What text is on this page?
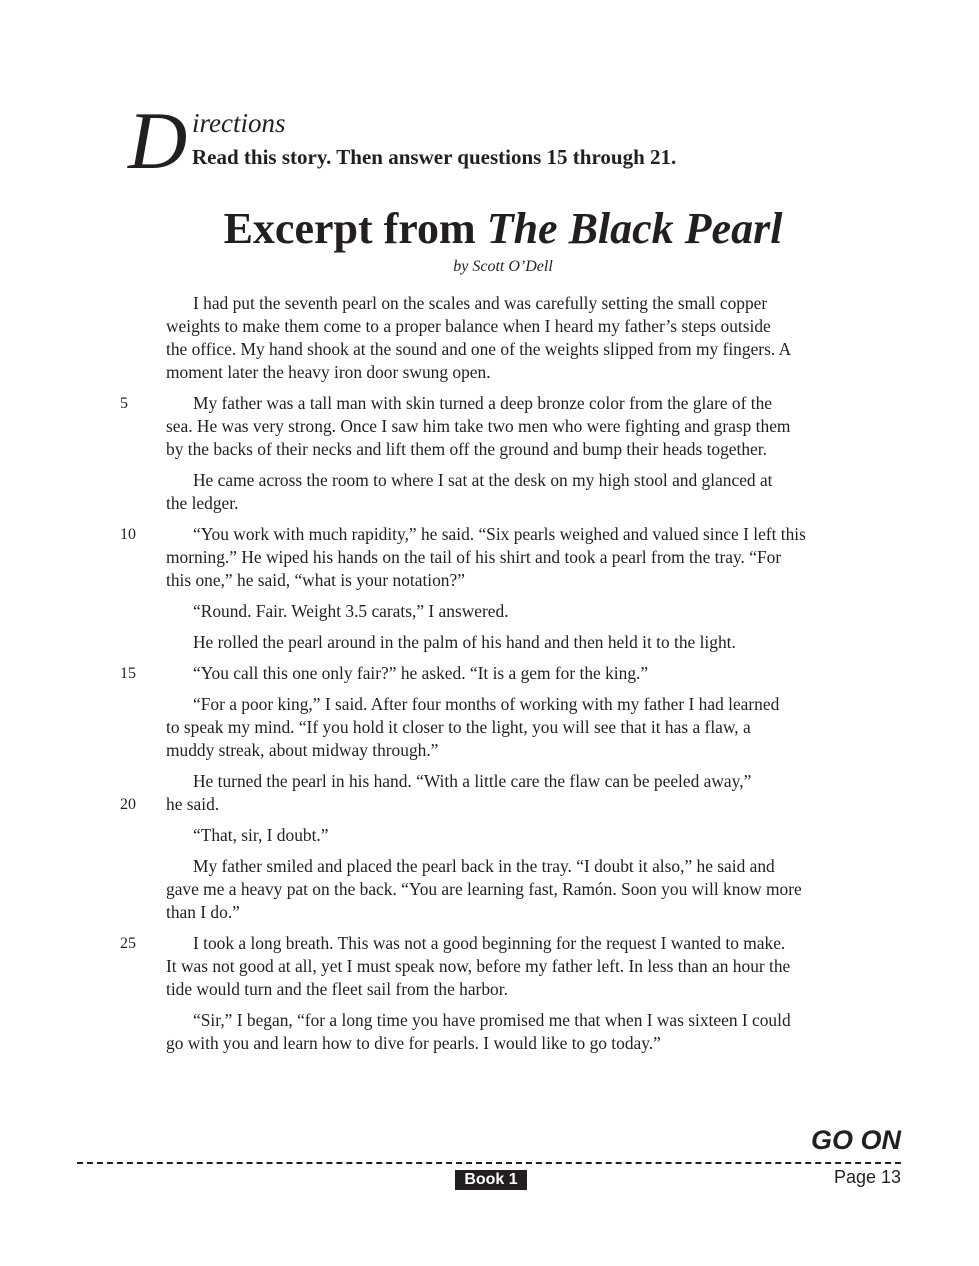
D irections
Read this story. Then answer questions 15 through 21.
Excerpt from The Black Pearl
by Scott O’Dell

I had put the seventh pearl on the scales and was carefully setting the small copper
weights to make them come to a proper balance when I heard my father’s steps outside
the office. My hand shook at the sound and one of the weights slipped from my fingers. A
moment later the heavy iron door swung open.

5	My father was a tall man with skin turned a deep bronze color from the glare of the
sea. He was very strong. Once I saw him take two men who were fighting and grasp them
by the backs of their necks and lift them off the ground and bump their heads together.

He came across the room to where I sat at the desk on my high stool and glanced at
the ledger.

10	“You work with much rapidity,” he said. “Six pearls weighed and valued since I left this
morning.” He wiped his hands on the tail of his shirt and took a pearl from the tray. “For
this one,” he said, “what is your notation?”

“Round. Fair. Weight 3.5 carats,” I answered.

He rolled the pearl around in the palm of his hand and then held it to the light.

15	“You call this one only fair?” he asked. “It is a gem for the king.”

“For a poor king,” I said. After four months of working with my father I had learned
to speak my mind. “If you hold it closer to the light, you will see that it has a flaw, a
muddy streak, about midway through.”

20
He turned the pearl in his hand. “With a little care the flaw can be peeled away,”
he said.

“That, sir, I doubt.”

My father smiled and placed the pearl back in the tray. “I doubt it also,” he said and
gave me a heavy pat on the back. “You are learning fast, Ramón. Soon you will know more
than I do.”

25	I took a long breath. This was not a good beginning for the request I wanted to make.
It was not good at all, yet I must speak now, before my father left. In less than an hour the
tide would turn and the fleet sail from the harbor.

“Sir,” I began, “for a long time you have promised me that when I was sixteen I could
go with you and learn how to dive for pearls. I would like to go today.”

GO ON
Book 1	Page 13
